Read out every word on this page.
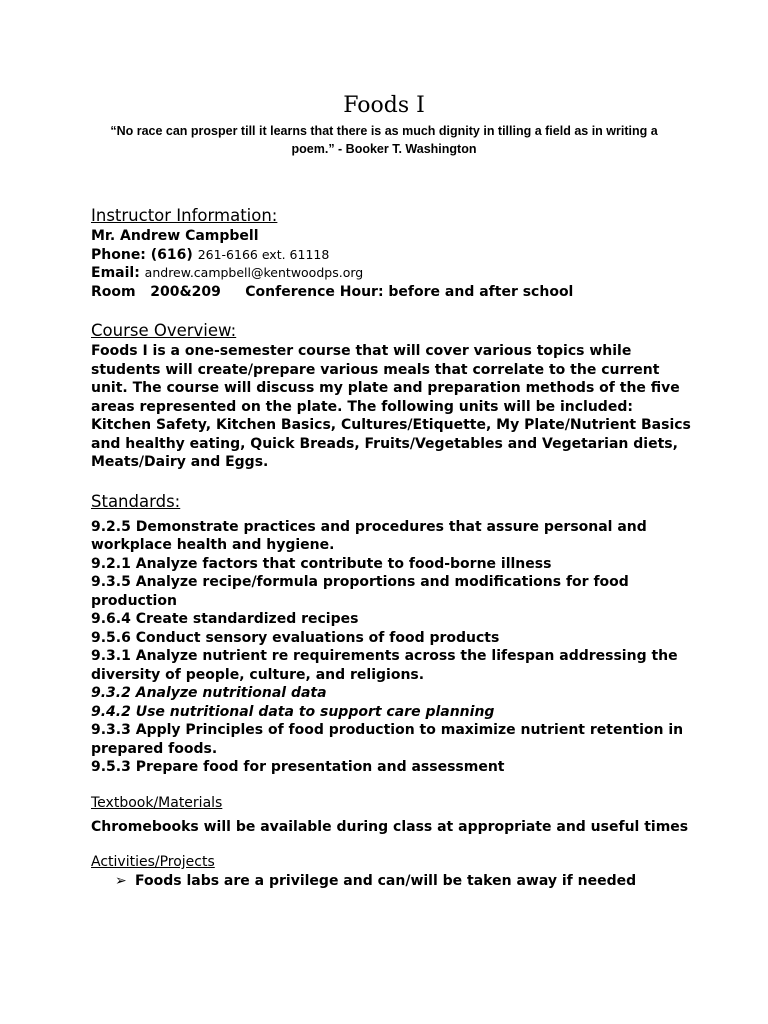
Foods I
“No race can prosper till it learns that there is as much dignity in tilling a field as in writing a poem.” - Booker T. Washington

Instructor Information:

Mr. Andrew Campbell

Phone: (616) 261-6166 ext. 61118

Email: andrew.campbell@kentwoodps.org

Room   200&209     Conference Hour: before and after school

Course Overview:

Foods I is a one-semester course that will cover various topics while students will create/prepare various meals that correlate to the current unit. The course will discuss my plate and preparation methods of the five areas represented on the plate. The following units will be included: Kitchen Safety, Kitchen Basics, Cultures/Etiquette, My Plate/Nutrient Basics and healthy eating, Quick Breads, Fruits/Vegetables and Vegetarian diets, Meats/Dairy and Eggs.

Standards:

9.2.5 Demonstrate practices and procedures that assure personal and workplace health and hygiene.

9.2.1 Analyze factors that contribute to food-borne illness

9.3.5 Analyze recipe/formula proportions and modifications for food production

9.6.4 Create standardized recipes

9.5.6 Conduct sensory evaluations of food products

9.3.1 Analyze nutrient re requirements across the lifespan addressing the diversity of people, culture, and religions.

9.3.2 Analyze nutritional data

9.4.2 Use nutritional data to support care planning

9.3.3 Apply Principles of food production to maximize nutrient retention in prepared foods.

9.5.3 Prepare food for presentation and assessment

Textbook/Materials

Chromebooks will be available during class at appropriate and useful times

Activities/Projects

➢ Foods labs are a privilege and can/will be taken away if needed
